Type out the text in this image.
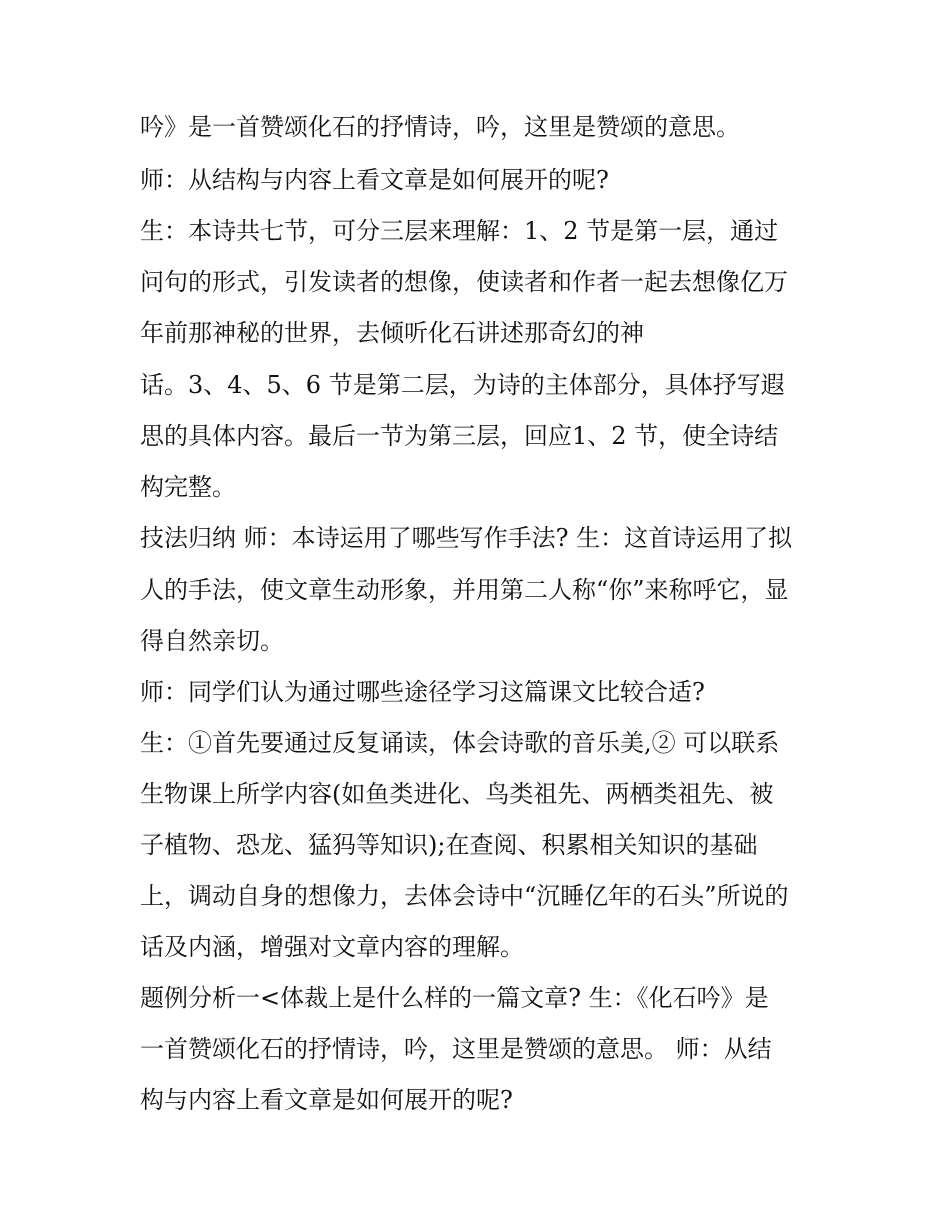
吟》是一首赞颂化石的抒情诗，吟，这里是赞颂的意思。
师：从结构与内容上看文章是如何展开的呢?
生：本诗共七节，可分三层来理解：1、2 节是第一层，通过
问句的形式，引发读者的想像，使读者和作者一起去想像亿万
年前那神秘的世界，去倾听化石讲述那奇幻的神
话。3、4、5、6 节是第二层，为诗的主体部分，具体抒写遐
思的具体内容。最后一节为第三层，回应1、2 节，使全诗结
构完整。
技法归纳 师：本诗运用了哪些写作手法? 生：这首诗运用了拟
人的手法，使文章生动形象，并用第二人称“你”来称呼它，显
得自然亲切。
师：同学们认为通过哪些途径学习这篇课文比较合适?
生：①首先要通过反复诵读，体会诗歌的音乐美,② 可以联系
生物课上所学内容(如鱼类进化、鸟类祖先、两栖类祖先、被
子植物、恐龙、猛犸等知识);在查阅、积累相关知识的基础
上，调动自身的想像力，去体会诗中“沉睡亿年的石头”所说的
话及内涵，增强对文章内容的理解。
题例分析一<体裁上是什么样的一篇文章? 生：《化石吟》是
一首赞颂化石的抒情诗，吟，这里是赞颂的意思。 师：从结
构与内容上看文章是如何展开的呢?
